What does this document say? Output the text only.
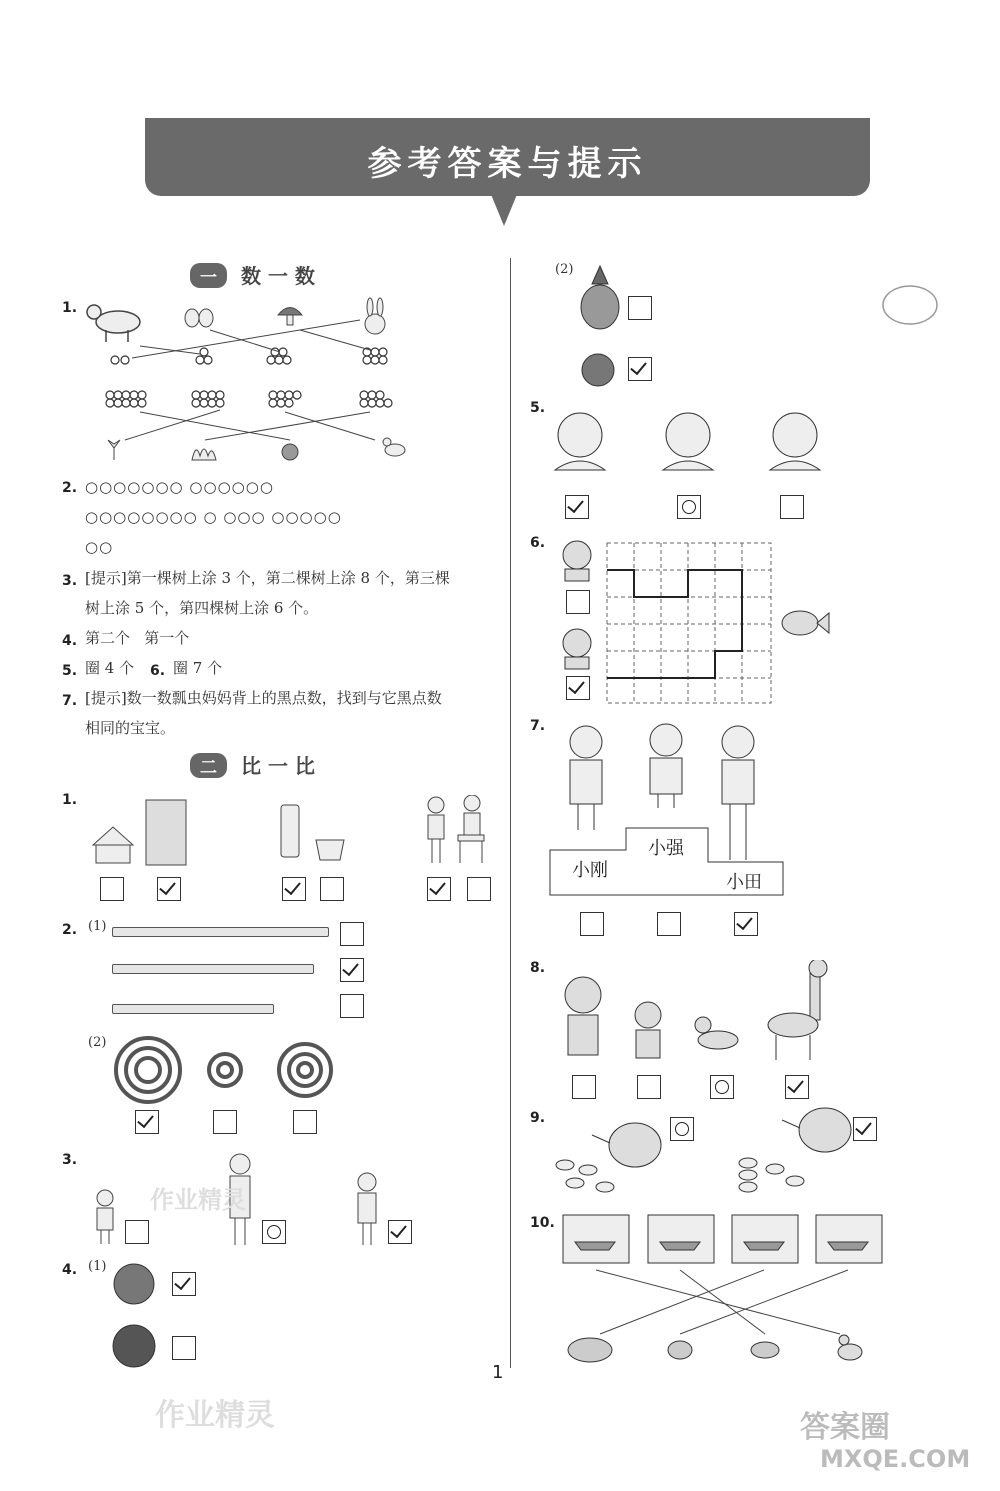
参考答案与提示
一 数 一 数
1.
2. ○○○○○○○ ○○○○○○
○○○○○○○○ ○ ○○○ ○○○○○
○○
3. [提示]第一棵树上涂 3 个，第二棵树上涂 8 个，第三棵
树上涂 5 个，第四棵树上涂 6 个。
4. 第二个   第一个
5. 圈 4 个 6. 圈 7 个
7. [提示]数一数瓢虫妈妈背上的黑点数，找到与它黑点数
相同的宝宝。
二 比 一 比
1.
2. (1)
(2)
3.
4. (1)
(2)
5.
6.
7.
小刚
小强
小田
8.
9.
10.
1
作业精灵
作业精灵	答案圈
MXQE.COM
